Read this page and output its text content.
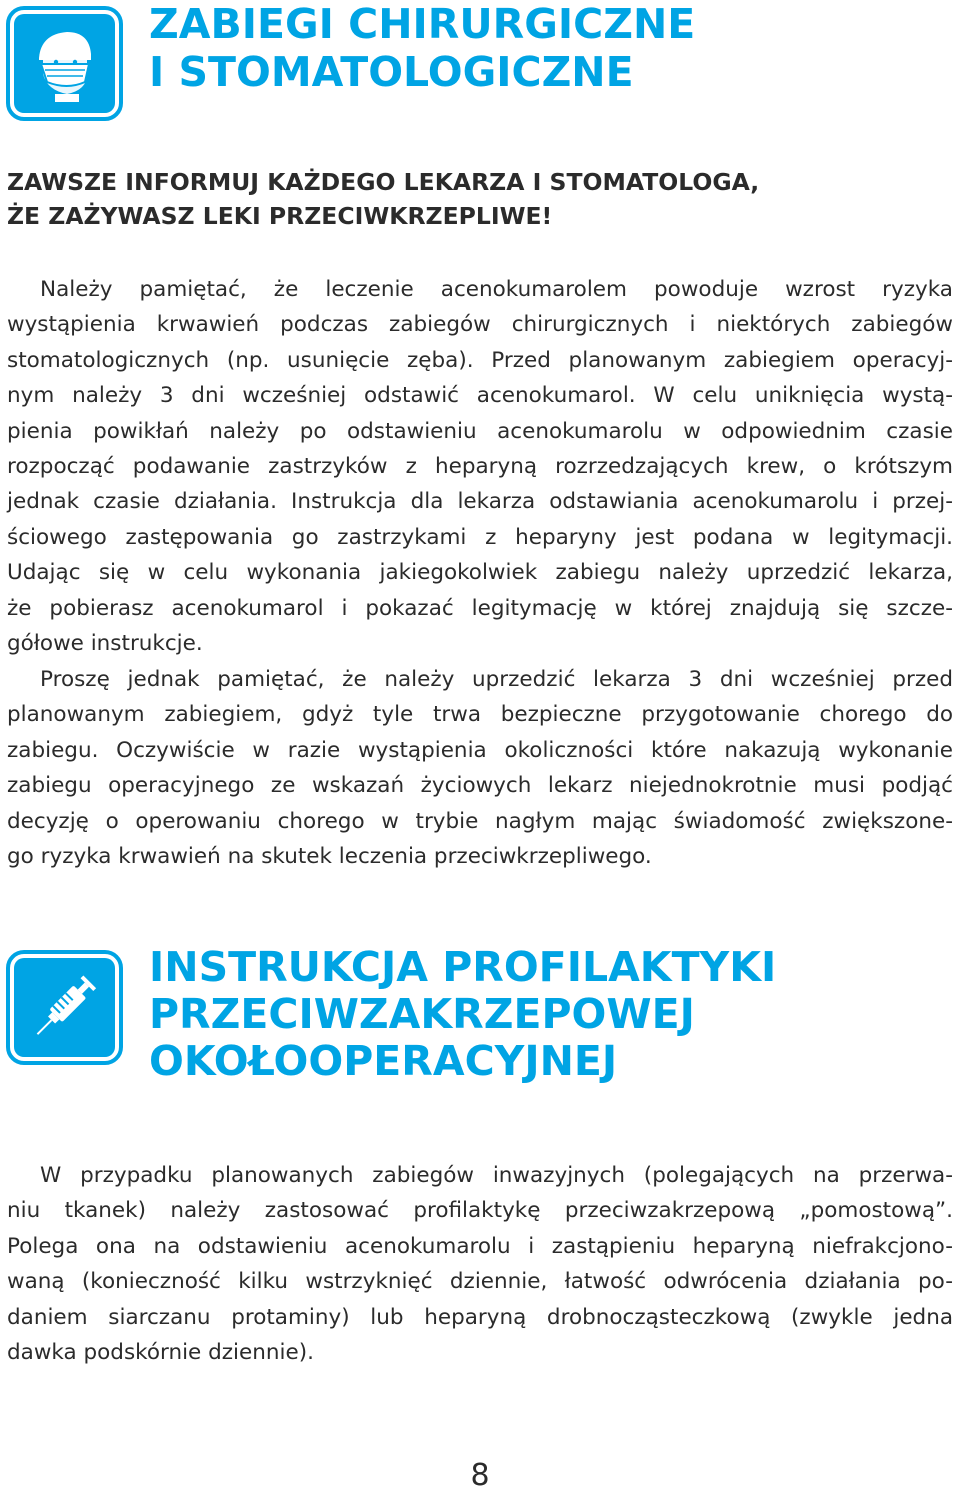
ZABIEGI CHIRURGICZNE
I STOMATOLOGICZNE
ZAWSZE INFORMUJ KAŻDEGO LEKARZA I STOMATOLOGA,
ŻE ZAŻYWASZ LEKI PRZECIWKRZEPLIWE!

Należy pamiętać, że leczenie acenokumarolem powoduje wzrost ryzyka
wystąpienia krwawień podczas zabiegów chirurgicznych i niektórych zabiegów
stomatologicznych (np. usunięcie zęba). Przed planowanym zabiegiem operacyj-
nym należy 3 dni wcześniej odstawić acenokumarol. W celu uniknięcia wystą-
pienia powikłań należy po odstawieniu acenokumarolu w odpowiednim czasie
rozpocząć podawanie zastrzyków z heparyną rozrzedzających krew, o krótszym
jednak czasie działania. Instrukcja dla lekarza odstawiania acenokumarolu i przej-
ściowego zastępowania go zastrzykami z heparyny jest podana w legitymacji.
Udając się w celu wykonania jakiegokolwiek zabiegu należy uprzedzić lekarza,
że pobierasz acenokumarol i pokazać legitymację w której znajdują się szcze-
gółowe instrukcje.

Proszę jednak pamiętać, że należy uprzedzić lekarza 3 dni wcześniej przed
planowanym zabiegiem, gdyż tyle trwa bezpieczne przygotowanie chorego do
zabiegu. Oczywiście w razie wystąpienia okoliczności które nakazują wykonanie
zabiegu operacyjnego ze wskazań życiowych lekarz niejednokrotnie musi podjąć
decyzję o operowaniu chorego w trybie nagłym mając świadomość zwiększone-
go ryzyka krwawień na skutek leczenia przeciwkrzepliwego.

INSTRUKCJA PROFILAKTYKI
PRZECIWZAKRZEPOWEJ
OKOŁOOPERACYJNEJ

W przypadku planowanych zabiegów inwazyjnych (polegających na przerwa-
niu tkanek) należy zastosować profilaktykę przeciwzakrzepową „pomostową”.
Polega ona na odstawieniu acenokumarolu i zastąpieniu heparyną niefrakcjono-
waną (konieczność kilku wstrzyknięć dziennie, łatwość odwrócenia działania po-
daniem siarczanu protaminy) lub heparyną drobnocząsteczkową (zwykle jedna
dawka podskórnie dziennie).

8
